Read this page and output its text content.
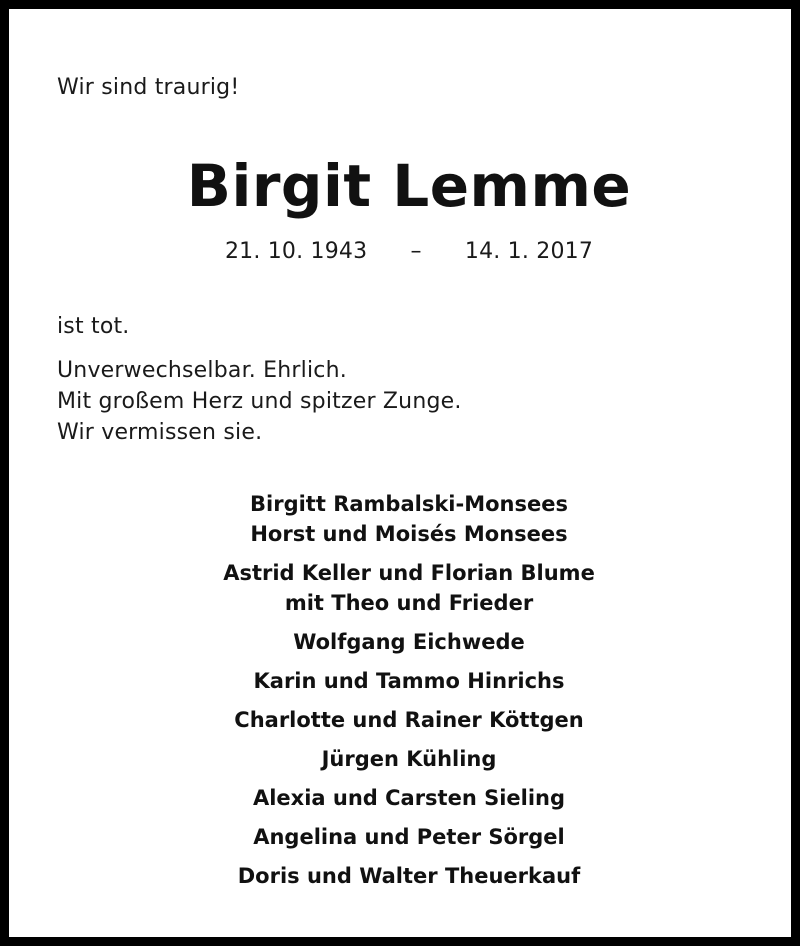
Wir sind traurig!
Birgit Lemme
21. 10. 1943 – 14. 1. 2017
ist tot.
Unverwechselbar. Ehrlich.
Mit großem Herz und spitzer Zunge.
Wir vermissen sie.
Birgitt Rambalski-Monsees
Horst und Moisés Monsees
Astrid Keller und Florian Blume
mit Theo und Frieder
Wolfgang Eichwede
Karin und Tammo Hinrichs
Charlotte und Rainer Köttgen
Jürgen Kühling
Alexia und Carsten Sieling
Angelina und Peter Sörgel
Doris und Walter Theuerkauf
